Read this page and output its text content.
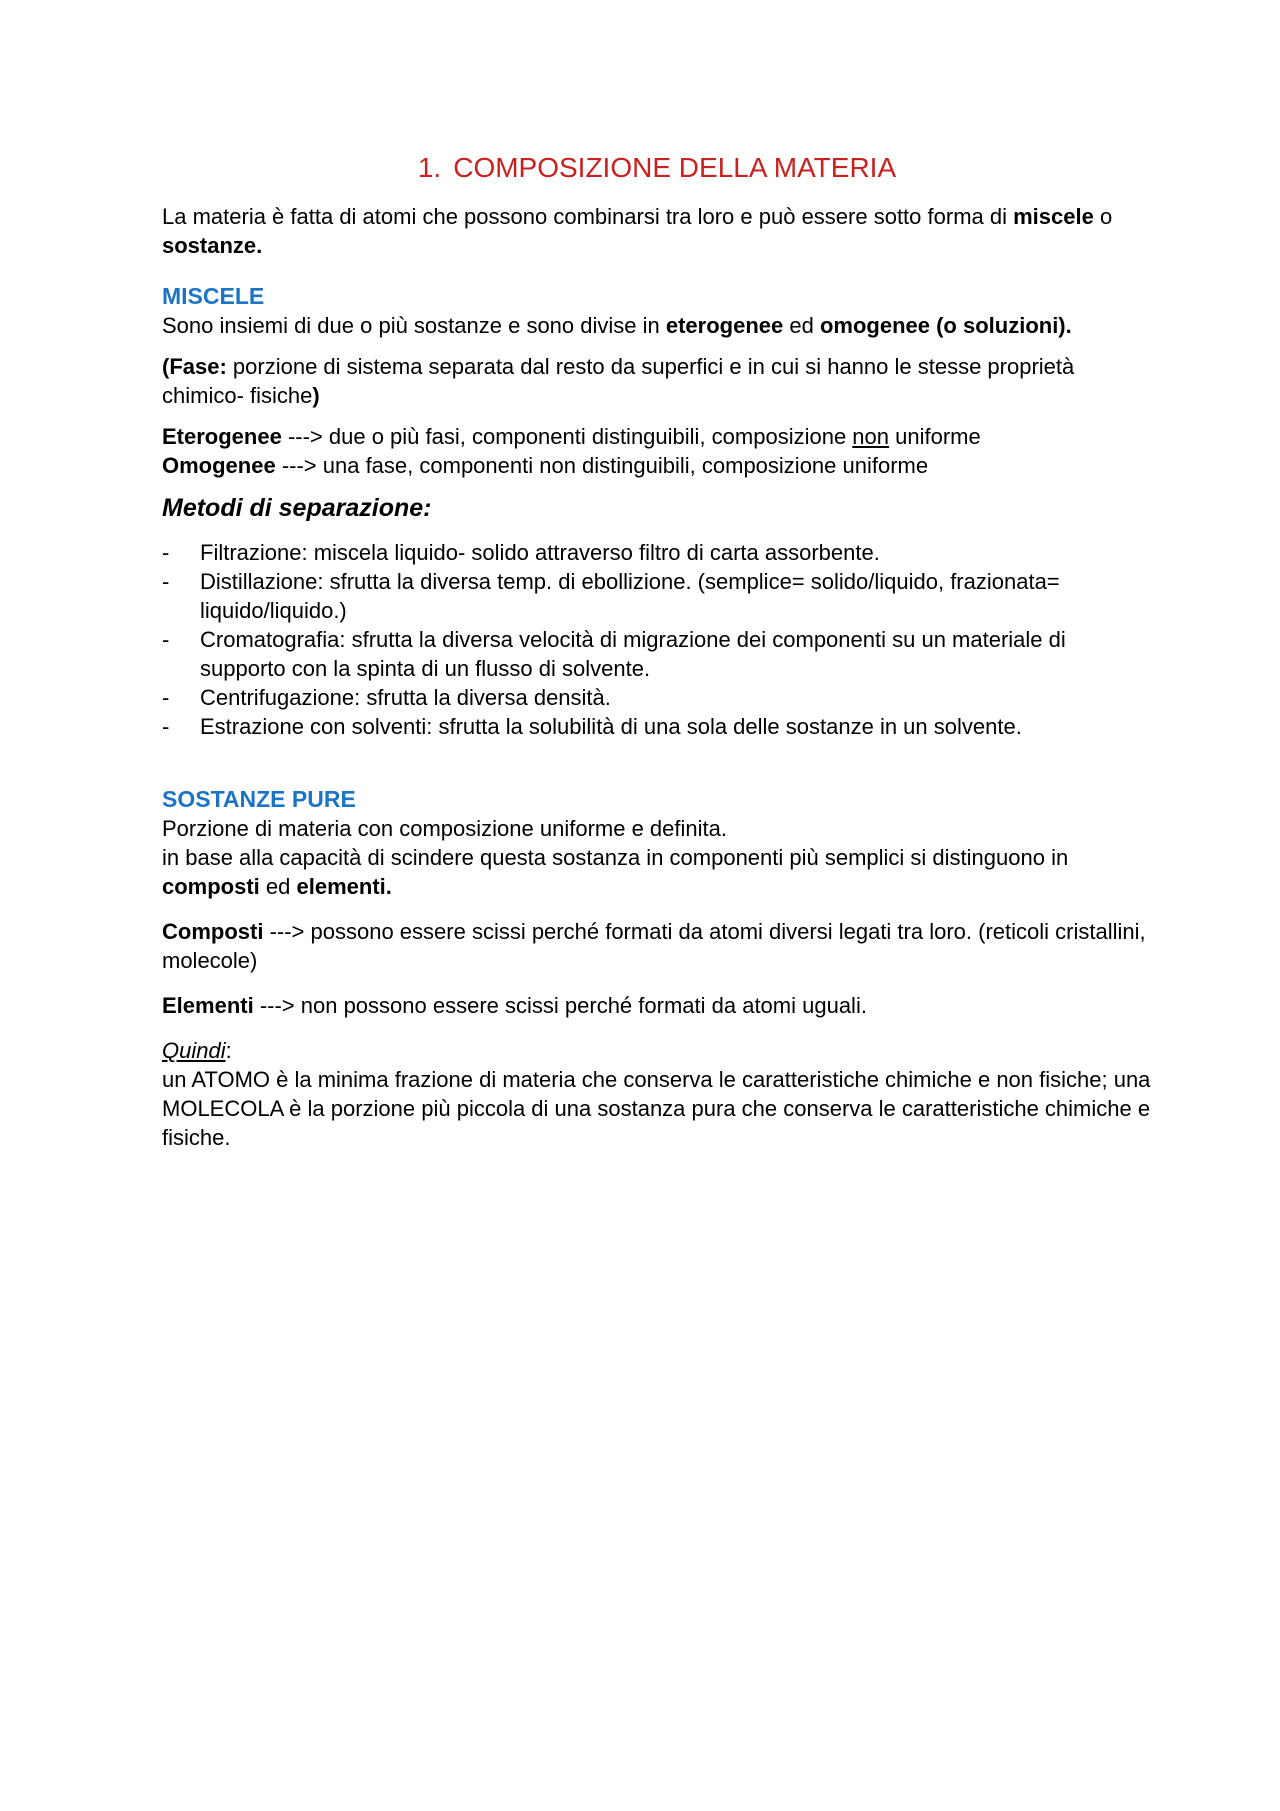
1. COMPOSIZIONE DELLA MATERIA

La materia è fatta di atomi che possono combinarsi tra loro e può essere sotto forma di miscele o sostanze.

MISCELE

Sono insiemi di due o più sostanze e sono divise in eterogenee ed omogenee (o soluzioni).

(Fase: porzione di sistema separata dal resto da superfici e in cui si hanno le stesse proprietà chimico- fisiche)

Eterogenee ---> due o più fasi, componenti distinguibili, composizione non uniforme

Omogenee ---> una fase, componenti non distinguibili, composizione uniforme

Metodi di separazione:
- Filtrazione: miscela liquido- solido attraverso filtro di carta assorbente.
- Distillazione: sfrutta la diversa temp. di ebollizione. (semplice= solido/liquido, frazionata= liquido/liquido.)
- Cromatografia: sfrutta la diversa velocità di migrazione dei componenti su un materiale di supporto con la spinta di un flusso di solvente.
- Centrifugazione: sfrutta la diversa densità.
- Estrazione con solventi: sfrutta la solubilità di una sola delle sostanze in un solvente.
SOSTANZE PURE

Porzione di materia con composizione uniforme e definita.

in base alla capacità di scindere questa sostanza in componenti più semplici si distinguono in composti ed elementi.

Composti ---> possono essere scissi perché formati da atomi diversi legati tra loro. (reticoli cristallini, molecole)

Elementi ---> non possono essere scissi perché formati da atomi uguali.

Quindi:

un ATOMO è la minima frazione di materia che conserva le caratteristiche chimiche e non fisiche; una MOLECOLA è la porzione più piccola di una sostanza pura che conserva le caratteristiche chimiche e fisiche.
